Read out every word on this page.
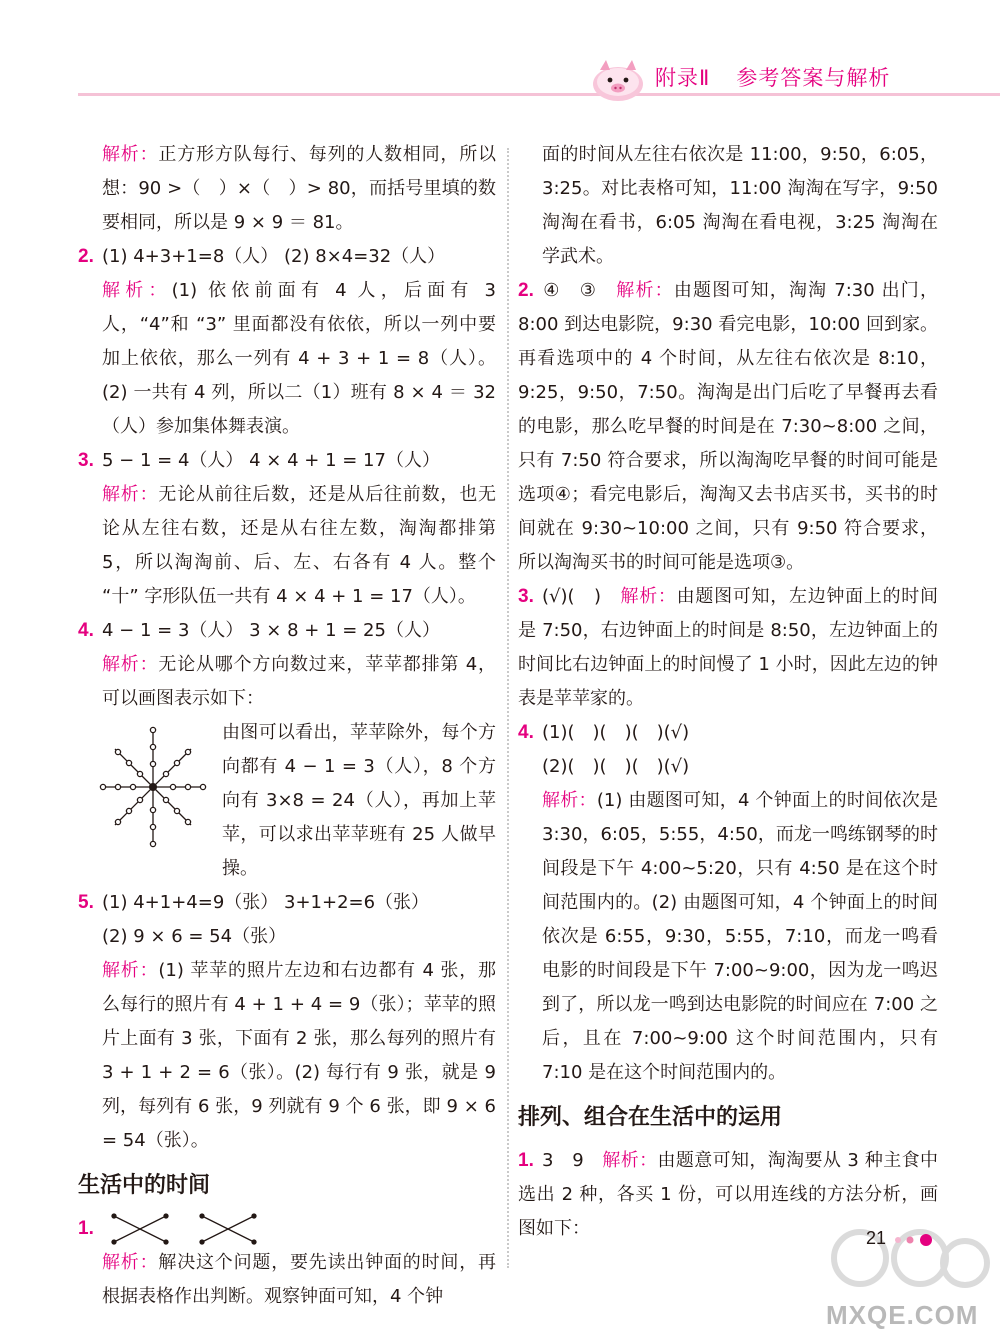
附录Ⅱ 参考答案与解析

解析：正方形方队每行、每列的人数相同，所以想：90 >（　）×（　）> 80，而括号里填的数要相同，所以是 9 × 9 ＝ 81。

2. (1) 4+3+1=8（人） (2) 8×4=32（人）

解析：(1) 依依前面有 4 人，后面有 3 人，“4”和 “3” 里面都没有依依，所以一列中要加上依依，那么一列有 4 + 3 + 1 = 8（人）。(2) 一共有 4 列，所以二（1）班有 8 × 4 ＝ 32（人）参加集体舞表演。

3. 5 − 1 = 4（人） 4 × 4 + 1 = 17（人）

解析：无论从前往后数，还是从后往前数，也无论从左往右数，还是从右往左数，淘淘都排第 5，所以淘淘前、后、左、右各有 4 人。整个 “十” 字形队伍一共有 4 × 4 + 1 = 17（人）。

4. 4 − 1 = 3（人） 3 × 8 + 1 = 25（人）

解析：无论从哪个方向数过来，苹苹都排第 4，可以画图表示如下：

由图可以看出，苹苹除外，每个方向都有 4 − 1 = 3（人），8 个方向有 3×8 = 24（人），再加上苹苹，可以求出苹苹班有 25 人做早操。

5. (1) 4+1+4=9（张） 3+1+2=6（张）

(2) 9 × 6 = 54（张）

解析：(1) 苹苹的照片左边和右边都有 4 张，那么每行的照片有 4 + 1 + 4 = 9（张）；苹苹的照片上面有 3 张，下面有 2 张，那么每列的照片有 3 + 1 + 2 = 6（张）。(2) 每行有 9 张，就是 9 列，每列有 6 张，9 列就有 9 个 6 张，即 9 × 6 = 54（张）。

生活中的时间

1.

解析：解决这个问题，要先读出钟面的时间，再根据表格作出判断。观察钟面可知，4 个钟

面的时间从左往右依次是 11:00，9:50，6:05，3:25。对比表格可知，11:00 淘淘在写字，9:50 淘淘在看书，6:05 淘淘在看电视，3:25 淘淘在学武术。

2. ④　③　 解析：由题图可知，淘淘 7:30 出门，8:00 到达电影院，9:30 看完电影，10:00 回到家。再看选项中的 4 个时间，从左往右依次是 8:10，9:25，9:50，7:50。淘淘是出门后吃了早餐再去看的电影，那么吃早餐的时间是在 7:30~8:00 之间，只有 7:50 符合要求，所以淘淘吃早餐的时间可能是选项④；看完电影后，淘淘又去书店买书，买书的时间就在 9:30~10:00 之间，只有 9:50 符合要求，所以淘淘买书的时间可能是选项③。

3. (√)(　)　 解析：由题图可知，左边钟面上的时间是 7:50，右边钟面上的时间是 8:50，左边钟面上的时间比右边钟面上的时间慢了 1 小时，因此左边的钟表是苹苹家的。

4. (1)(　)(　)(　)(√)

(2)(　)(　)(　)(√)

解析：(1) 由题图可知，4 个钟面上的时间依次是 3:30，6:05，5:55，4:50，而龙一鸣练钢琴的时间段是下午 4:00~5:20，只有 4:50 是在这个时间范围内的。(2) 由题图可知，4 个钟面上的时间依次是 6:55，9:30，5:55，7:10，而龙一鸣看电影的时间段是下午 7:00~9:00，因为龙一鸣迟到了，所以龙一鸣到达电影院的时间应在 7:00 之后，且在 7:00~9:00 这个时间范围内，只有 7:10 是在这个时间范围内的。

排列、组合在生活中的运用

1. 3　9　 解析：由题意可知，淘淘要从 3 种主食中选出 2 种，各买 1 份，可以用连线的方法分析，画图如下：	21
MXQE.COM
